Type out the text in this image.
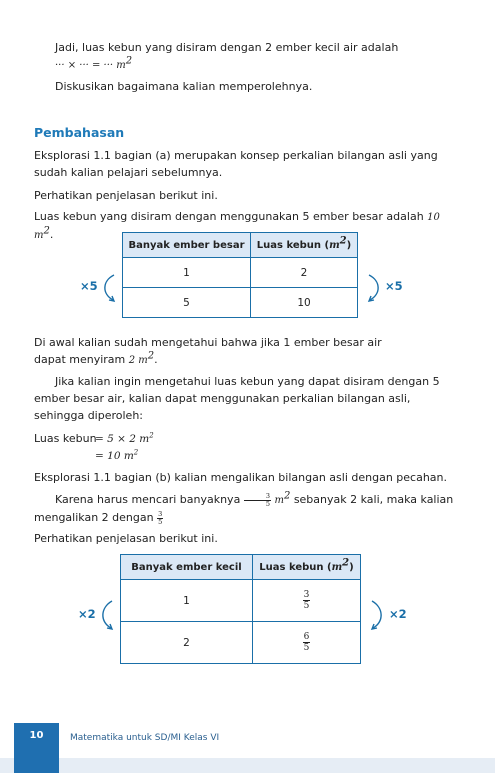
Jadi, luas kebun yang disiram dengan 2 ember kecil air adalah

··· × ··· = ··· $m^2$

Diskusikan bagaimana kalian memperolehnya.

Pembahasan

Eksplorasi 1.1 bagian (a) merupakan konsep perkalian bilangan asli yang sudah kalian pelajari sebelumnya.

Perhatikan penjelasan berikut ini.

Luas kebun yang disiram dengan menggunakan 5 ember besar adalah 10 $m^2$.

Banyak ember besar	Luas kebun $(m^2)$
1	2
5	10
×5	×5

Di awal kalian sudah mengetahui bahwa jika 1 ember besar air dapat menyiram 2 $m^2$.

Jika kalian ingin mengetahui luas kebun yang dapat disiram dengan 5 ember besar air, kalian dapat menggunakan perkalian bilangan asli, sehingga diperoleh:

Luas kebun
= 5 × 2 $m^2$
= 10 $m^2$

Eksplorasi 1.1 bagian (b) kalian mengalikan bilangan asli dengan pecahan.

Karena harus mencari banyaknya $\frac{3}{5} m^2$ sebanyak 2 kali, maka kalian

mengalikan 2 dengan $\frac{3}{5}$

Perhatikan penjelasan berikut ini.

Banyak ember kecil	Luas kebun $(m^2)$
1	$\frac{3}{5}$

2	$\frac{6}{5}$
×2	×2
10	Matematika untuk SD/MI Kelas VI
